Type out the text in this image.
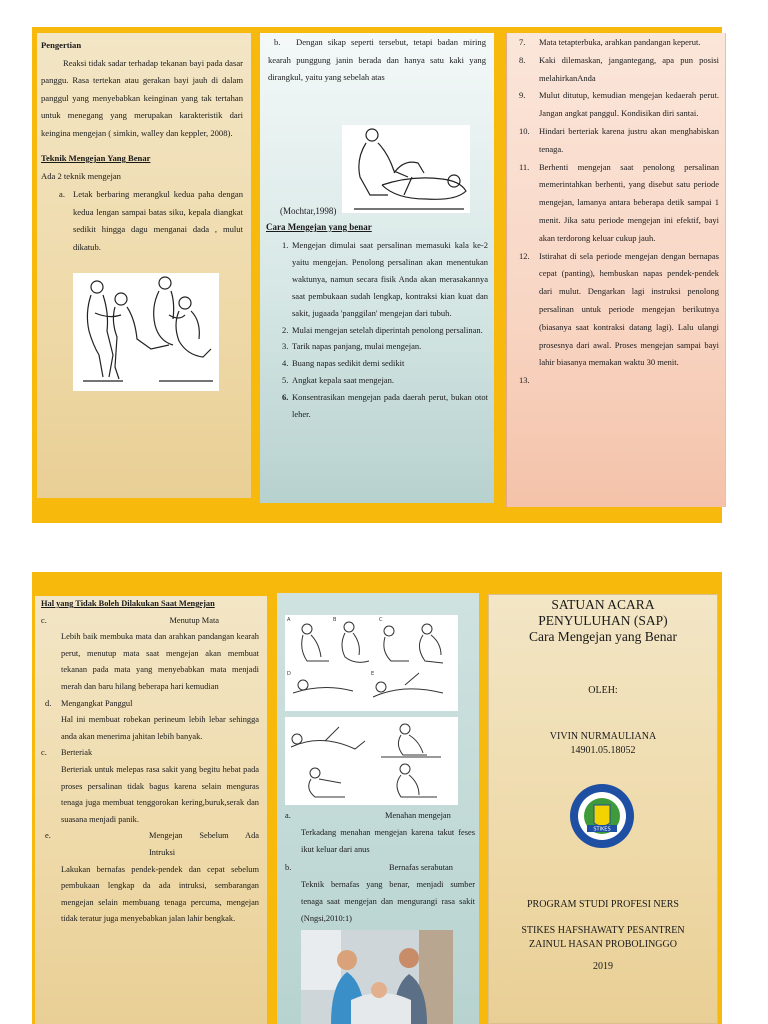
Pengertian
Reaksi tidak sadar terhadap tekanan bayi pada dasar panggu. Rasa tertekan atau gerakan bayi jauh di dalam panggul yang menyebabkan keinginan yang tak tertahan untuk menegang yang merupakan karakteristik dari keingina mengejan ( simkin, walley dan keppler, 2008).
Teknik Mengejan Yang Benar
Ada 2 teknik mengejan
a. Letak berbaring merangkul kedua paha dengan kedua lengan sampai batas siku, kepala diangkat sedikit hingga dagu menganai dada , mulut dikatub.
b.	Dengan sikap seperti tersebut, tetapi badan miring kearah punggung janin berada dan hanya satu kaki yang dirangkul, yaitu yang sebelah atas
(Mochtar,1998)
Cara Mengejan yang benar
1. Mengejan dimulai saat persalinan memasuki kala ke-2 yaitu mengejan. Penolong persalinan akan menentukan waktunya, namun secara fisik Anda akan merasakannya saat pembukaan sudah lengkap, kontraksi kian kuat dan sakit, jugaada 'panggilan' mengejan dari tubuh.
2. Mulai mengejan setelah diperintah penolong persalinan.
3. Tarik napas panjang, mulai mengejan.
4. Buang napas sedikit demi sedikit
5. Angkat kepala saat mengejan.
6. Konsentrasikan mengejan pada daerah perut, bukan otot leher.
7. Mata tetapterbuka, arahkan pandangan keperut.
8. Kaki dilemaskan, jangantegang, apa pun posisi melahirkanAnda
9. Mulut ditutup, kemudian mengejan kedaerah perut. Jangan angkat panggul. Kondisikan diri santai.
10. Hindari berteriak karena justru akan menghabiskan tenaga.
11. Berhenti mengejan saat penolong persalinan memerintahkan berhenti, yang disebut satu periode mengejan, lamanya antara beberapa detik sampai 1 menit. Jika satu periode mengejan ini efektif, bayi akan terdorong keluar cukup jauh.
12. Istirahat di sela periode mengejan dengan bernapas cepat (panting), hembuskan napas pendek-pendek dari mulut. Dengarkan lagi instruksi penolong persalinan untuk periode mengejan berikutnya (biasanya saat kontraksi datang lagi). Lalu ulangi prosesnya dari awal. Proses mengejan sampai bayi lahir biasanya memakan waktu 30 menit.
13.
Hal yang Tidak Boleh Dilakukan Saat Mengejan
c.	Menutup Mata
Lebih baik membuka mata dan arahkan pandangan kearah perut, menutup mata saat mengejan akan membuat tekanan pada mata yang menyebabkan mata menjadi merah dan baru hilang beberapa hari kemudian
d. Mengangkat Panggul
Hal ini membuat robekan perineum lebih lebar sehingga anda akan menerima jahitan lebih banyak.
c. Berteriak
Berteriak untuk melepas rasa sakit yang begitu hebat pada proses persalinan tidak bagus karena selain menguras tenaga juga membuat tenggorokan kering,buruk,serak dan suasana menjadi panik.
e.	Mengejan Sebelum Ada Intruksi
Lakukan bernafas pendek-pendek dan cepat sebelum pembukaan lengkap da ada intruksi, sembarangan mengejan selain membuang tenaga percuma, mengejan tidak teratur juga menyebabkan jalan lahir bengkak.
A	B	C
D	E
a.	Menahan mengejan
Terkadang menahan mengejan karena takut feses ikut keluar dari anus
b.	Bernafas serabutan
Teknik bernafas yang benar, menjadi sumber tenaga saat mengejan dan mengurangi rasa sakit (Nngsi,2010:1)
SATUAN ACARA
PENYULUHAN (SAP)
Cara Mengejan yang Benar
OLEH:
VIVIN NURMAULIANA
14901.05.18052
STIKES
PROGRAM STUDI PROFESI NERS
STIKES HAFSHAWATY PESANTREN
ZAINUL HASAN PROBOLINGGO
2019
